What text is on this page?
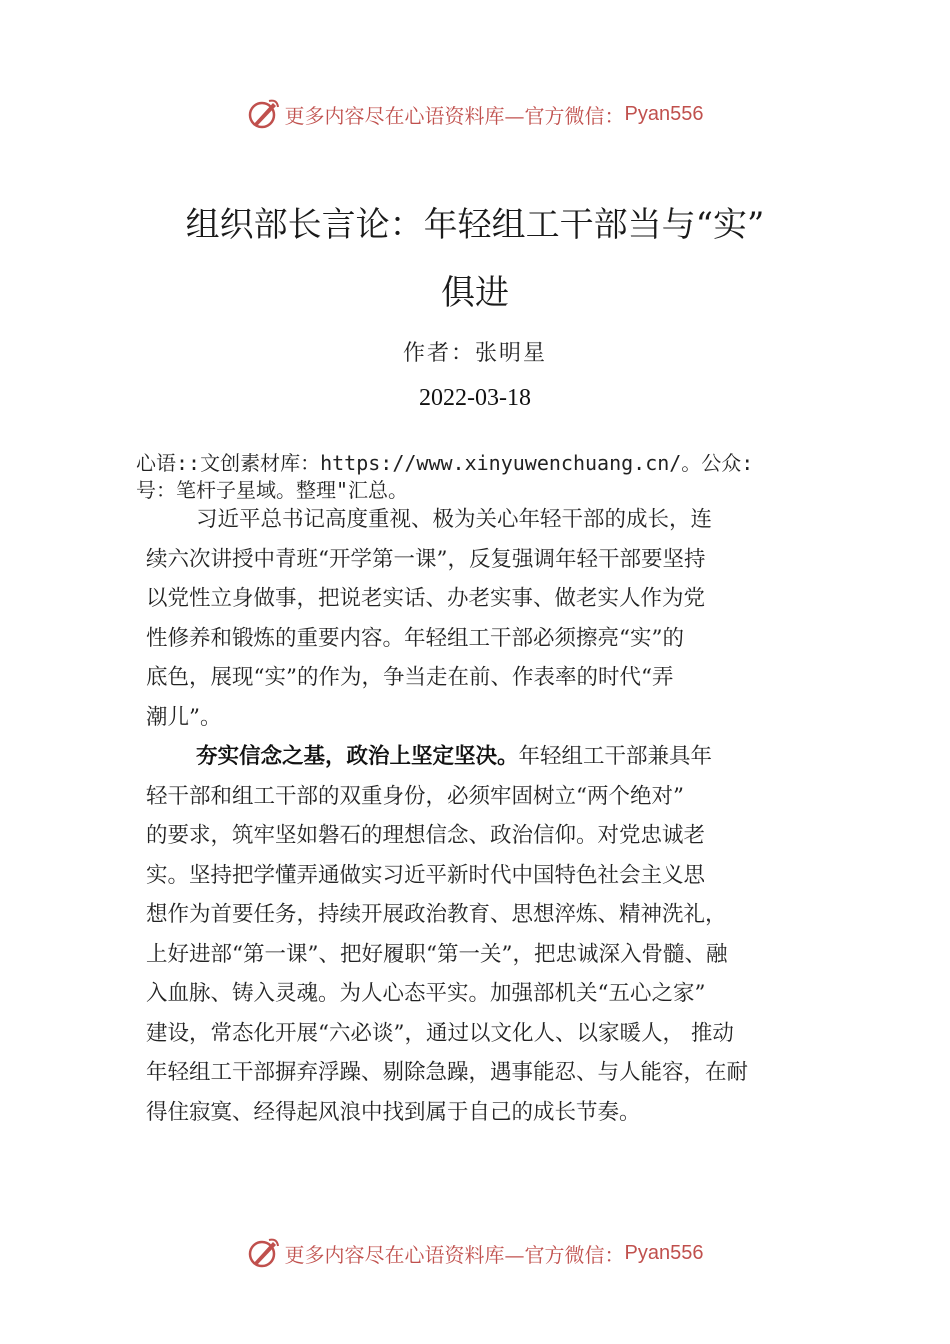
更多内容尽在心语资料库—官方微信： Pyan556
组织部长言论：年轻组工干部当与“实”
俱进
作者：张明星
2022-03-18
心语::文创素材库：https://www.xinyuwenchuang.cn/。公众:
号：笔杆子星域。整理"汇总。
习近平总书记高度重视、极为关心年轻干部的成长，连
续六次讲授中青班“开学第一课”，反复强调年轻干部要坚持
以党性立身做事，把说老实话、办老实事、做老实人作为党
性修养和锻炼的重要内容。年轻组工干部必须擦亮“实”的
底色，展现“实”的作为，争当走在前、作表率的时代“弄
潮儿”。
夯实信念之基，政治上坚定坚决。年轻组工干部兼具年
轻干部和组工干部的双重身份，必须牢固树立“两个绝对”
的要求，筑牢坚如磐石的理想信念、政治信仰。对党忠诚老
实。坚持把学懂弄通做实习近平新时代中国特色社会主义思
想作为首要任务，持续开展政治教育、思想淬炼、精神洗礼，
上好进部“第一课”、把好履职“第一关”，把忠诚深入骨髓、融
入血脉、铸入灵魂。为人心态平实。加强部机关“五心之家”
建设，常态化开展“六必谈”，通过以文化人、以家暖人， 推动
年轻组工干部摒弃浮躁、剔除急躁，遇事能忍、与人能容，在耐
得住寂寞、经得起风浪中找到属于自己的成长节奏。
更多内容尽在心语资料库—官方微信： Pyan556
